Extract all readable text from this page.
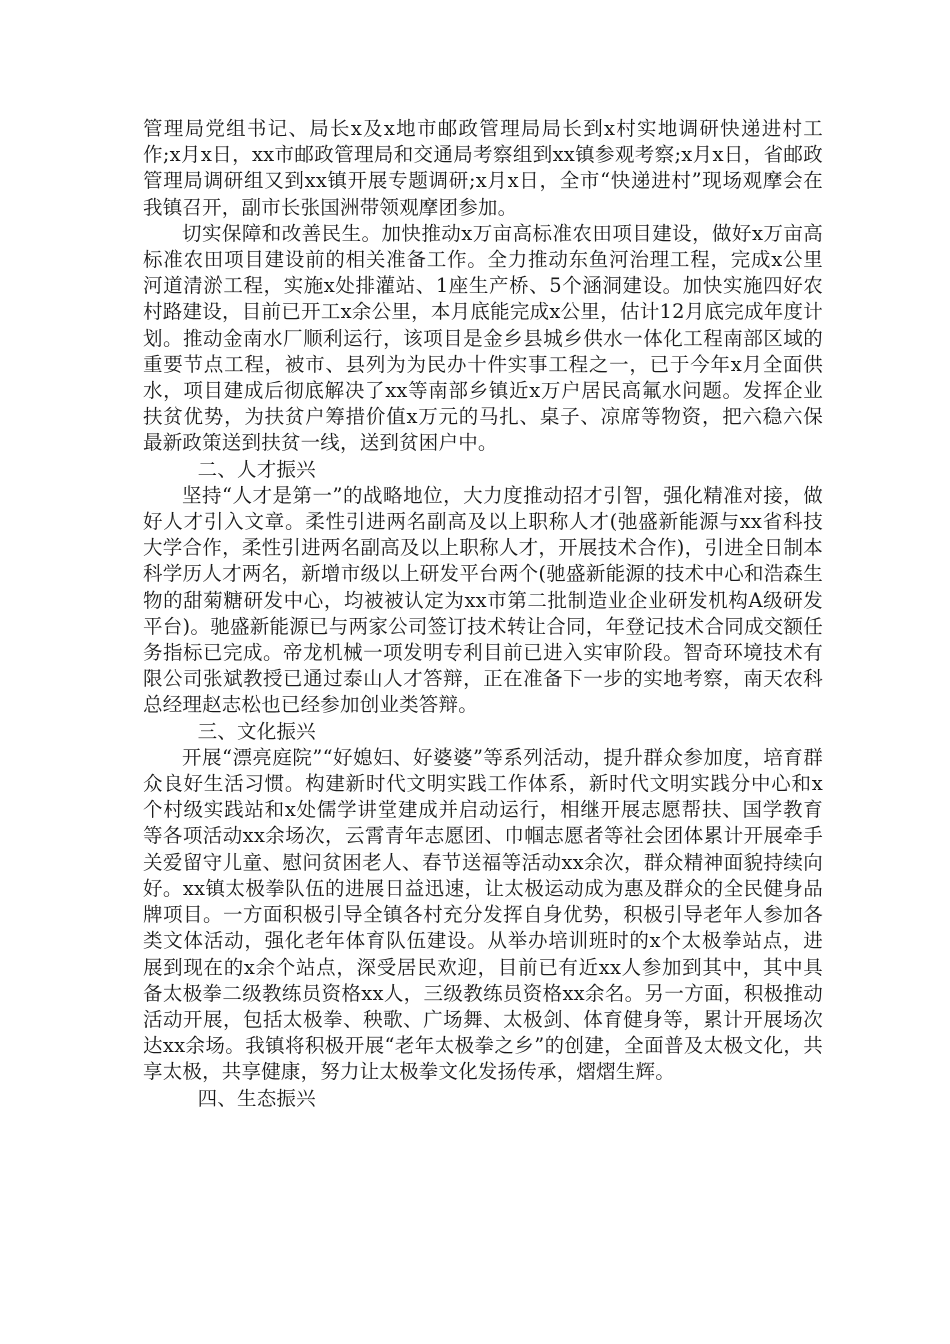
管理局党组书记、局长x及x地市邮政管理局局长到x村实地调研快递进村工作;x月x日，xx市邮政管理局和交通局考察组到xx镇参观考察;x月x日，省邮政管理局调研组又到xx镇开展专题调研;x月x日，全市“快递进村”现场观摩会在我镇召开，副市长张国洲带领观摩团参加。

切实保障和改善民生。加快推动x万亩高标准农田项目建设，做好x万亩高标准农田项目建设前的相关准备工作。全力推动东鱼河治理工程，完成x公里河道清淤工程，实施x处排灌站、1座生产桥、5个涵洞建设。加快实施四好农村路建设，目前已开工x余公里，本月底能完成x公里，估计12月底完成年度计划。推动金南水厂顺利运行，该项目是金乡县城乡供水一体化工程南部区域的重要节点工程，被市、县列为为民办十件实事工程之一，已于今年x月全面供水，项目建成后彻底解决了xx等南部乡镇近x万户居民高氟水问题。发挥企业扶贫优势，为扶贫户筹措价值x万元的马扎、桌子、凉席等物资，把六稳六保最新政策送到扶贫一线，送到贫困户中。

二、人才振兴

坚持“人才是第一”的战略地位，大力度推动招才引智，强化精准对接，做好人才引入文章。柔性引进两名副高及以上职称人才(弛盛新能源与xx省科技大学合作，柔性引进两名副高及以上职称人才，开展技术合作)，引进全日制本科学历人才两名，新增市级以上研发平台两个(驰盛新能源的技术中心和浩森生物的甜菊糖研发中心，均被被认定为xx市第二批制造业企业研发机构A级研发平台)。驰盛新能源已与两家公司签订技术转让合同，年登记技术合同成交额任务指标已完成。帝龙机械一项发明专利目前已进入实审阶段。智奇环境技术有限公司张斌教授已通过泰山人才答辩，正在准备下一步的实地考察，南天农科总经理赵志松也已经参加创业类答辩。

三、文化振兴

开展“漂亮庭院”“好媳妇、好婆婆”等系列活动，提升群众参加度，培育群众良好生活习惯。构建新时代文明实践工作体系，新时代文明实践分中心和x个村级实践站和x处儒学讲堂建成并启动运行，相继开展志愿帮扶、国学教育等各项活动xx余场次，云霄青年志愿团、巾帼志愿者等社会团体累计开展牵手关爱留守儿童、慰问贫困老人、春节送福等活动xx余次，群众精神面貌持续向好。xx镇太极拳队伍的进展日益迅速，让太极运动成为惠及群众的全民健身品牌项目。一方面积极引导全镇各村充分发挥自身优势，积极引导老年人参加各类文体活动，强化老年体育队伍建设。从举办培训班时的x个太极拳站点，进展到现在的x余个站点，深受居民欢迎，目前已有近xx人参加到其中，其中具备太极拳二级教练员资格xx人，三级教练员资格xx余名。另一方面，积极推动活动开展，包括太极拳、秧歌、广场舞、太极剑、体育健身等，累计开展场次达xx余场。我镇将积极开展“老年太极拳之乡”的创建，全面普及太极文化，共享太极，共享健康，努力让太极拳文化发扬传承，熠熠生辉。

四、生态振兴
